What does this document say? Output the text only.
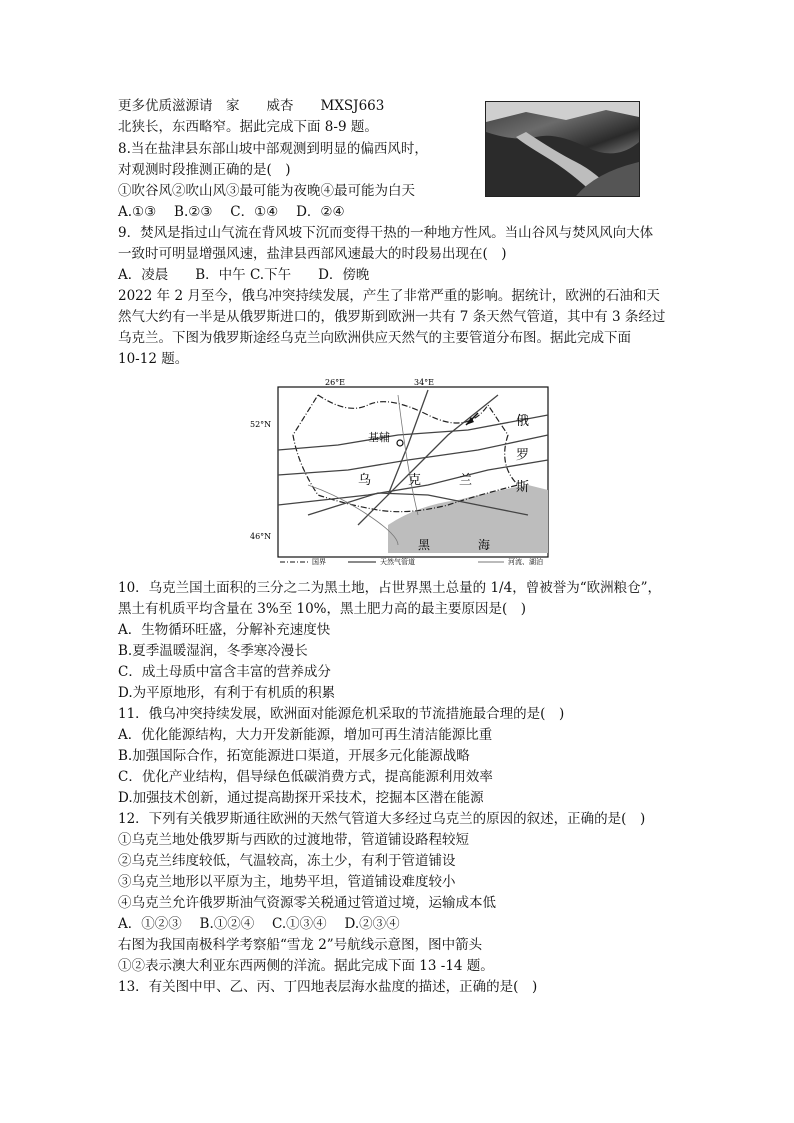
更多优质滋源请　家　　威杏　　MXSJ663
北狭长，东西略窄。据此完成下面 8-9 题。
8.当在盐津县东部山坡中部观测到明显的偏西风时，
对观测时段推测正确的是(　)
①吹谷风②吹山风③最可能为夜晚④最可能为白天
A.①③　 B.②③　 C．①④　 D．②④
9．焚风是指过山气流在背风坡下沉而变得干热的一种地方性风。当山谷风与焚风风向大体
一致时可明显增强风速，盐津县西部风速最大的时段易出现在(　)
A．凌晨　　B．中午 C.下午　　D．傍晚
2022 年 2 月至今，俄乌冲突持续发展，产生了非常严重的影响。据统计，欧洲的石油和天
然气大约有一半是从俄罗斯进口的，俄罗斯到欧洲一共有 7 条天然气管道，其中有 3 条经过
乌克兰。下图为俄罗斯途经乌克兰向欧洲供应天然气的主要管道分布图。据此完成下面
10-12 题。
26°E	34°E
52°N
46°N
基辅
乌	克	兰
俄
罗
斯
黑	海
国界	天然气管道	河流、湖泊
10．乌克兰国土面积的三分之二为黑土地，占世界黑土总量的 1/4，曾被誉为“欧洲粮仓”，
黑土有机质平均含量在 3%至 10%，黑土肥力高的最主要原因是(　)
A．生物循环旺盛，分解补充速度快
B.夏季温暖湿润，冬季寒冷漫长
C．成土母质中富含丰富的营养成分
D.为平原地形，有利于有机质的积累
11．俄乌冲突持续发展，欧洲面对能源危机采取的节流措施最合理的是(　)
A．优化能源结构，大力开发新能源，增加可再生清洁能源比重
B.加强国际合作，拓宽能源进口渠道，开展多元化能源战略
C．优化产业结构，倡导绿色低碳消费方式，提高能源利用效率
D.加强技术创新，通过提高勘探开采技术，挖掘本区潜在能源
12．下列有关俄罗斯通往欧洲的天然气管道大多经过乌克兰的原因的叙述，正确的是(　)
①乌克兰地处俄罗斯与西欧的过渡地带，管道铺设路程较短
②乌克兰纬度较低，气温较高，冻土少，有利于管道铺设
③乌克兰地形以平原为主，地势平坦，管道铺设难度较小
④乌克兰允许俄罗斯油气资源零关税通过管道过境，运输成本低
A．①②③　 B.①②④　 C.①③④　 D.②③④
右图为我国南极科学考察船“雪龙 2”号航线示意图，图中箭头
①②表示澳大利亚东西两侧的洋流。据此完成下面 13 -14 题。
13．有关图中甲、乙、丙、丁四地表层海水盐度的描述，正确的是(　)
